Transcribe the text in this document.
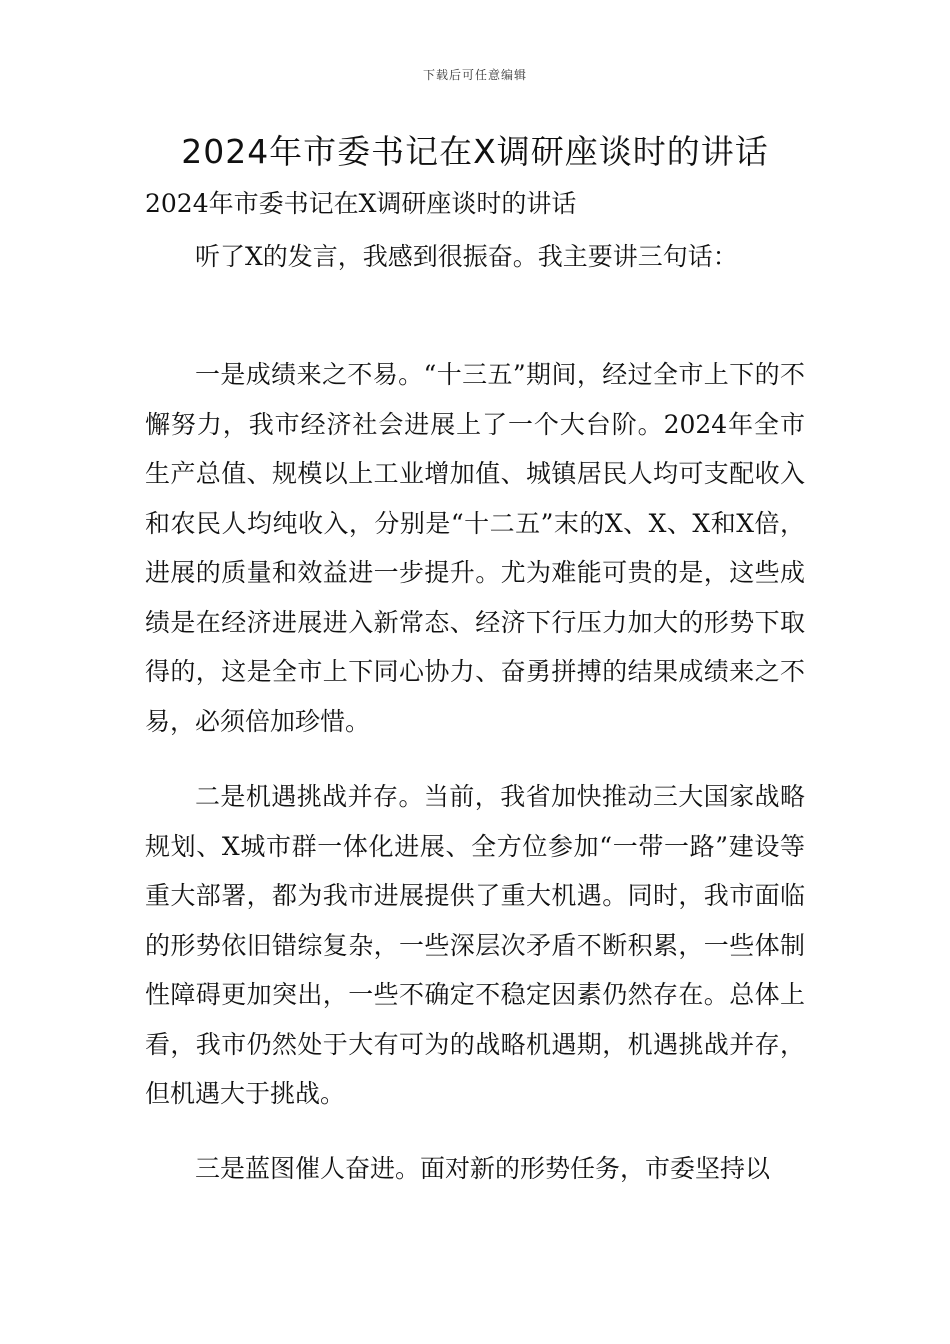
下载后可任意编辑
2024年市委书记在X调研座谈时的讲话
2024年市委书记在X调研座谈时的讲话

听了X的发言，我感到很振奋。我主要讲三句话：

一是成绩来之不易。“十三五”期间，经过全市上下的不懈努力，我市经济社会进展上了一个大台阶。2024年全市生产总值、规模以上工业增加值、城镇居民人均可支配收入和农民人均纯收入，分别是“十二五”末的X、X、X和X倍，进展的质量和效益进一步提升。尤为难能可贵的是，这些成绩是在经济进展进入新常态、经济下行压力加大的形势下取得的，这是全市上下同心协力、奋勇拼搏的结果成绩来之不易，必须倍加珍惜。

二是机遇挑战并存。当前，我省加快推动三大国家战略规划、X城市群一体化进展、全方位参加“一带一路”建设等重大部署，都为我市进展提供了重大机遇。同时，我市面临的形势依旧错综复杂，一些深层次矛盾不断积累，一些体制性障碍更加突出，一些不确定不稳定因素仍然存在。总体上看，我市仍然处于大有可为的战略机遇期，机遇挑战并存，但机遇大于挑战。

三是蓝图催人奋进。面对新的形势任务，市委坚持以
